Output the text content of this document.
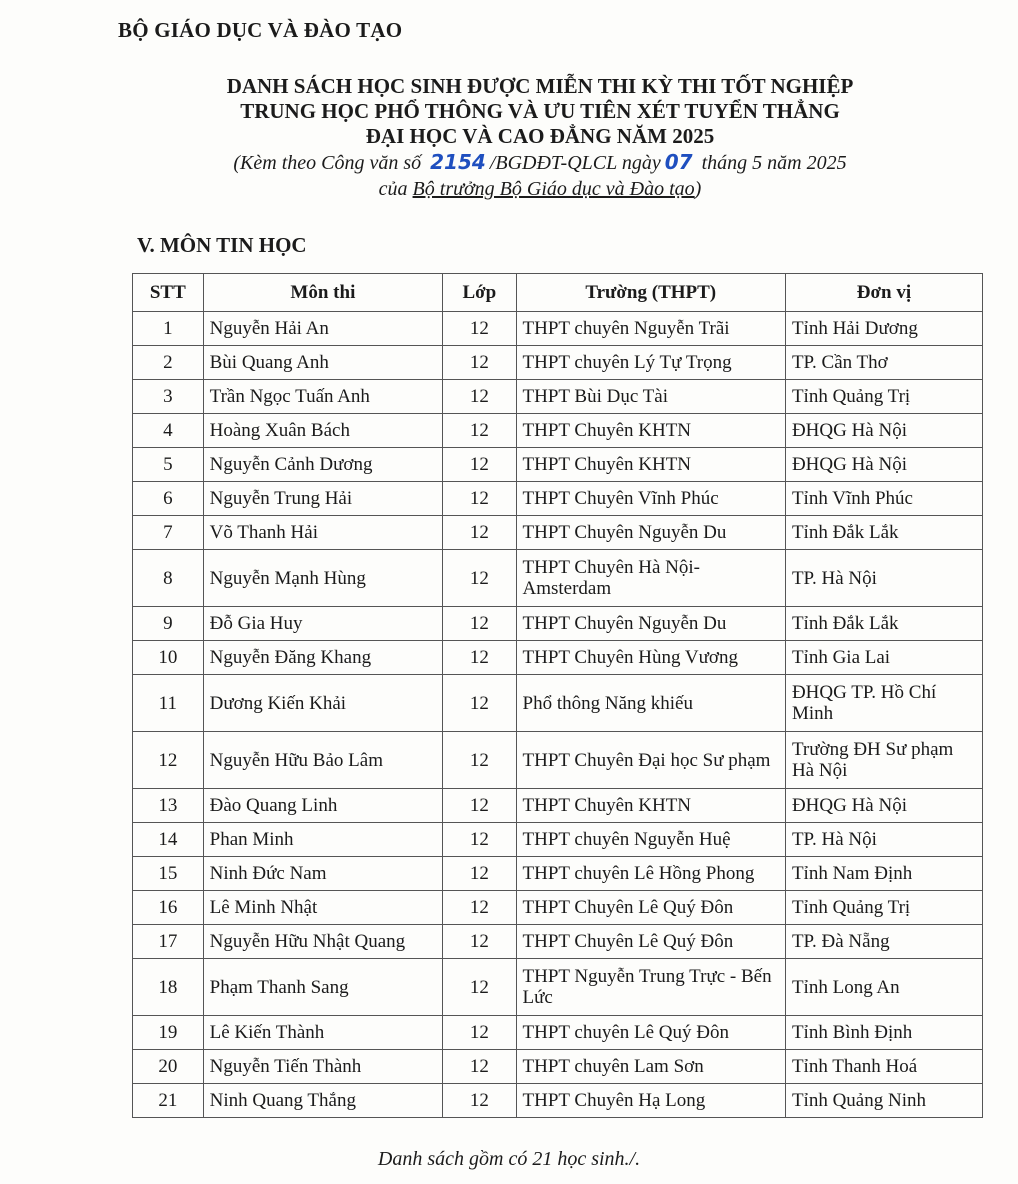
BỘ GIÁO DỤC VÀ ĐÀO TẠO
DANH SÁCH HỌC SINH ĐƯỢC MIỄN THI KỲ THI TỐT NGHIỆP
TRUNG HỌC PHỔ THÔNG VÀ ƯU TIÊN XÉT TUYỂN THẲNG
ĐẠI HỌC VÀ CAO ĐẲNG NĂM 2025
(Kèm theo Công văn số 2154 /BGDĐT-QLCL ngày 07 tháng 5 năm 2025
của Bộ trưởng Bộ Giáo dục và Đào tạo)
V. MÔN TIN HỌC
STT	Môn thi	Lớp	Trường (THPT)	Đơn vị
1	Nguyễn Hải An	12	THPT chuyên Nguyễn Trãi	Tỉnh Hải Dương
2	Bùi Quang Anh	12	THPT chuyên Lý Tự Trọng	TP. Cần Thơ
3	Trần Ngọc Tuấn Anh	12	THPT Bùi Dục Tài	Tỉnh Quảng Trị
4	Hoàng Xuân Bách	12	THPT Chuyên KHTN	ĐHQG Hà Nội
5	Nguyễn Cảnh Dương	12	THPT Chuyên KHTN	ĐHQG Hà Nội
6	Nguyễn Trung Hải	12	THPT Chuyên Vĩnh Phúc	Tỉnh Vĩnh Phúc
7	Võ Thanh Hải	12	THPT Chuyên Nguyễn Du	Tỉnh Đắk Lắk
8	Nguyễn Mạnh Hùng	12	THPT Chuyên Hà Nội-Amsterdam	TP. Hà Nội
9	Đỗ Gia Huy	12	THPT Chuyên Nguyễn Du	Tỉnh Đắk Lắk
10	Nguyễn Đăng Khang	12	THPT Chuyên Hùng Vương	Tỉnh Gia Lai
11	Dương Kiến Khải	12	Phổ thông Năng khiếu	ĐHQG TP. Hồ Chí Minh
12	Nguyễn Hữu Bảo Lâm	12	THPT Chuyên Đại học Sư phạm	Trường ĐH Sư phạm Hà Nội
13	Đào Quang Linh	12	THPT Chuyên KHTN	ĐHQG Hà Nội
14	Phan Minh	12	THPT chuyên Nguyễn Huệ	TP. Hà Nội
15	Ninh Đức Nam	12	THPT chuyên Lê Hồng Phong	Tỉnh Nam Định
16	Lê Minh Nhật	12	THPT Chuyên Lê Quý Đôn	Tỉnh Quảng Trị
17	Nguyễn Hữu Nhật Quang	12	THPT Chuyên Lê Quý Đôn	TP. Đà Nẵng
18	Phạm Thanh Sang	12	THPT Nguyễn Trung Trực - Bến Lức	Tỉnh Long An
19	Lê Kiến Thành	12	THPT chuyên Lê Quý Đôn	Tỉnh Bình Định
20	Nguyễn Tiến Thành	12	THPT chuyên Lam Sơn	Tỉnh Thanh Hoá
21	Ninh Quang Thắng	12	THPT Chuyên Hạ Long	Tỉnh Quảng Ninh
Danh sách gồm có 21 học sinh./.
